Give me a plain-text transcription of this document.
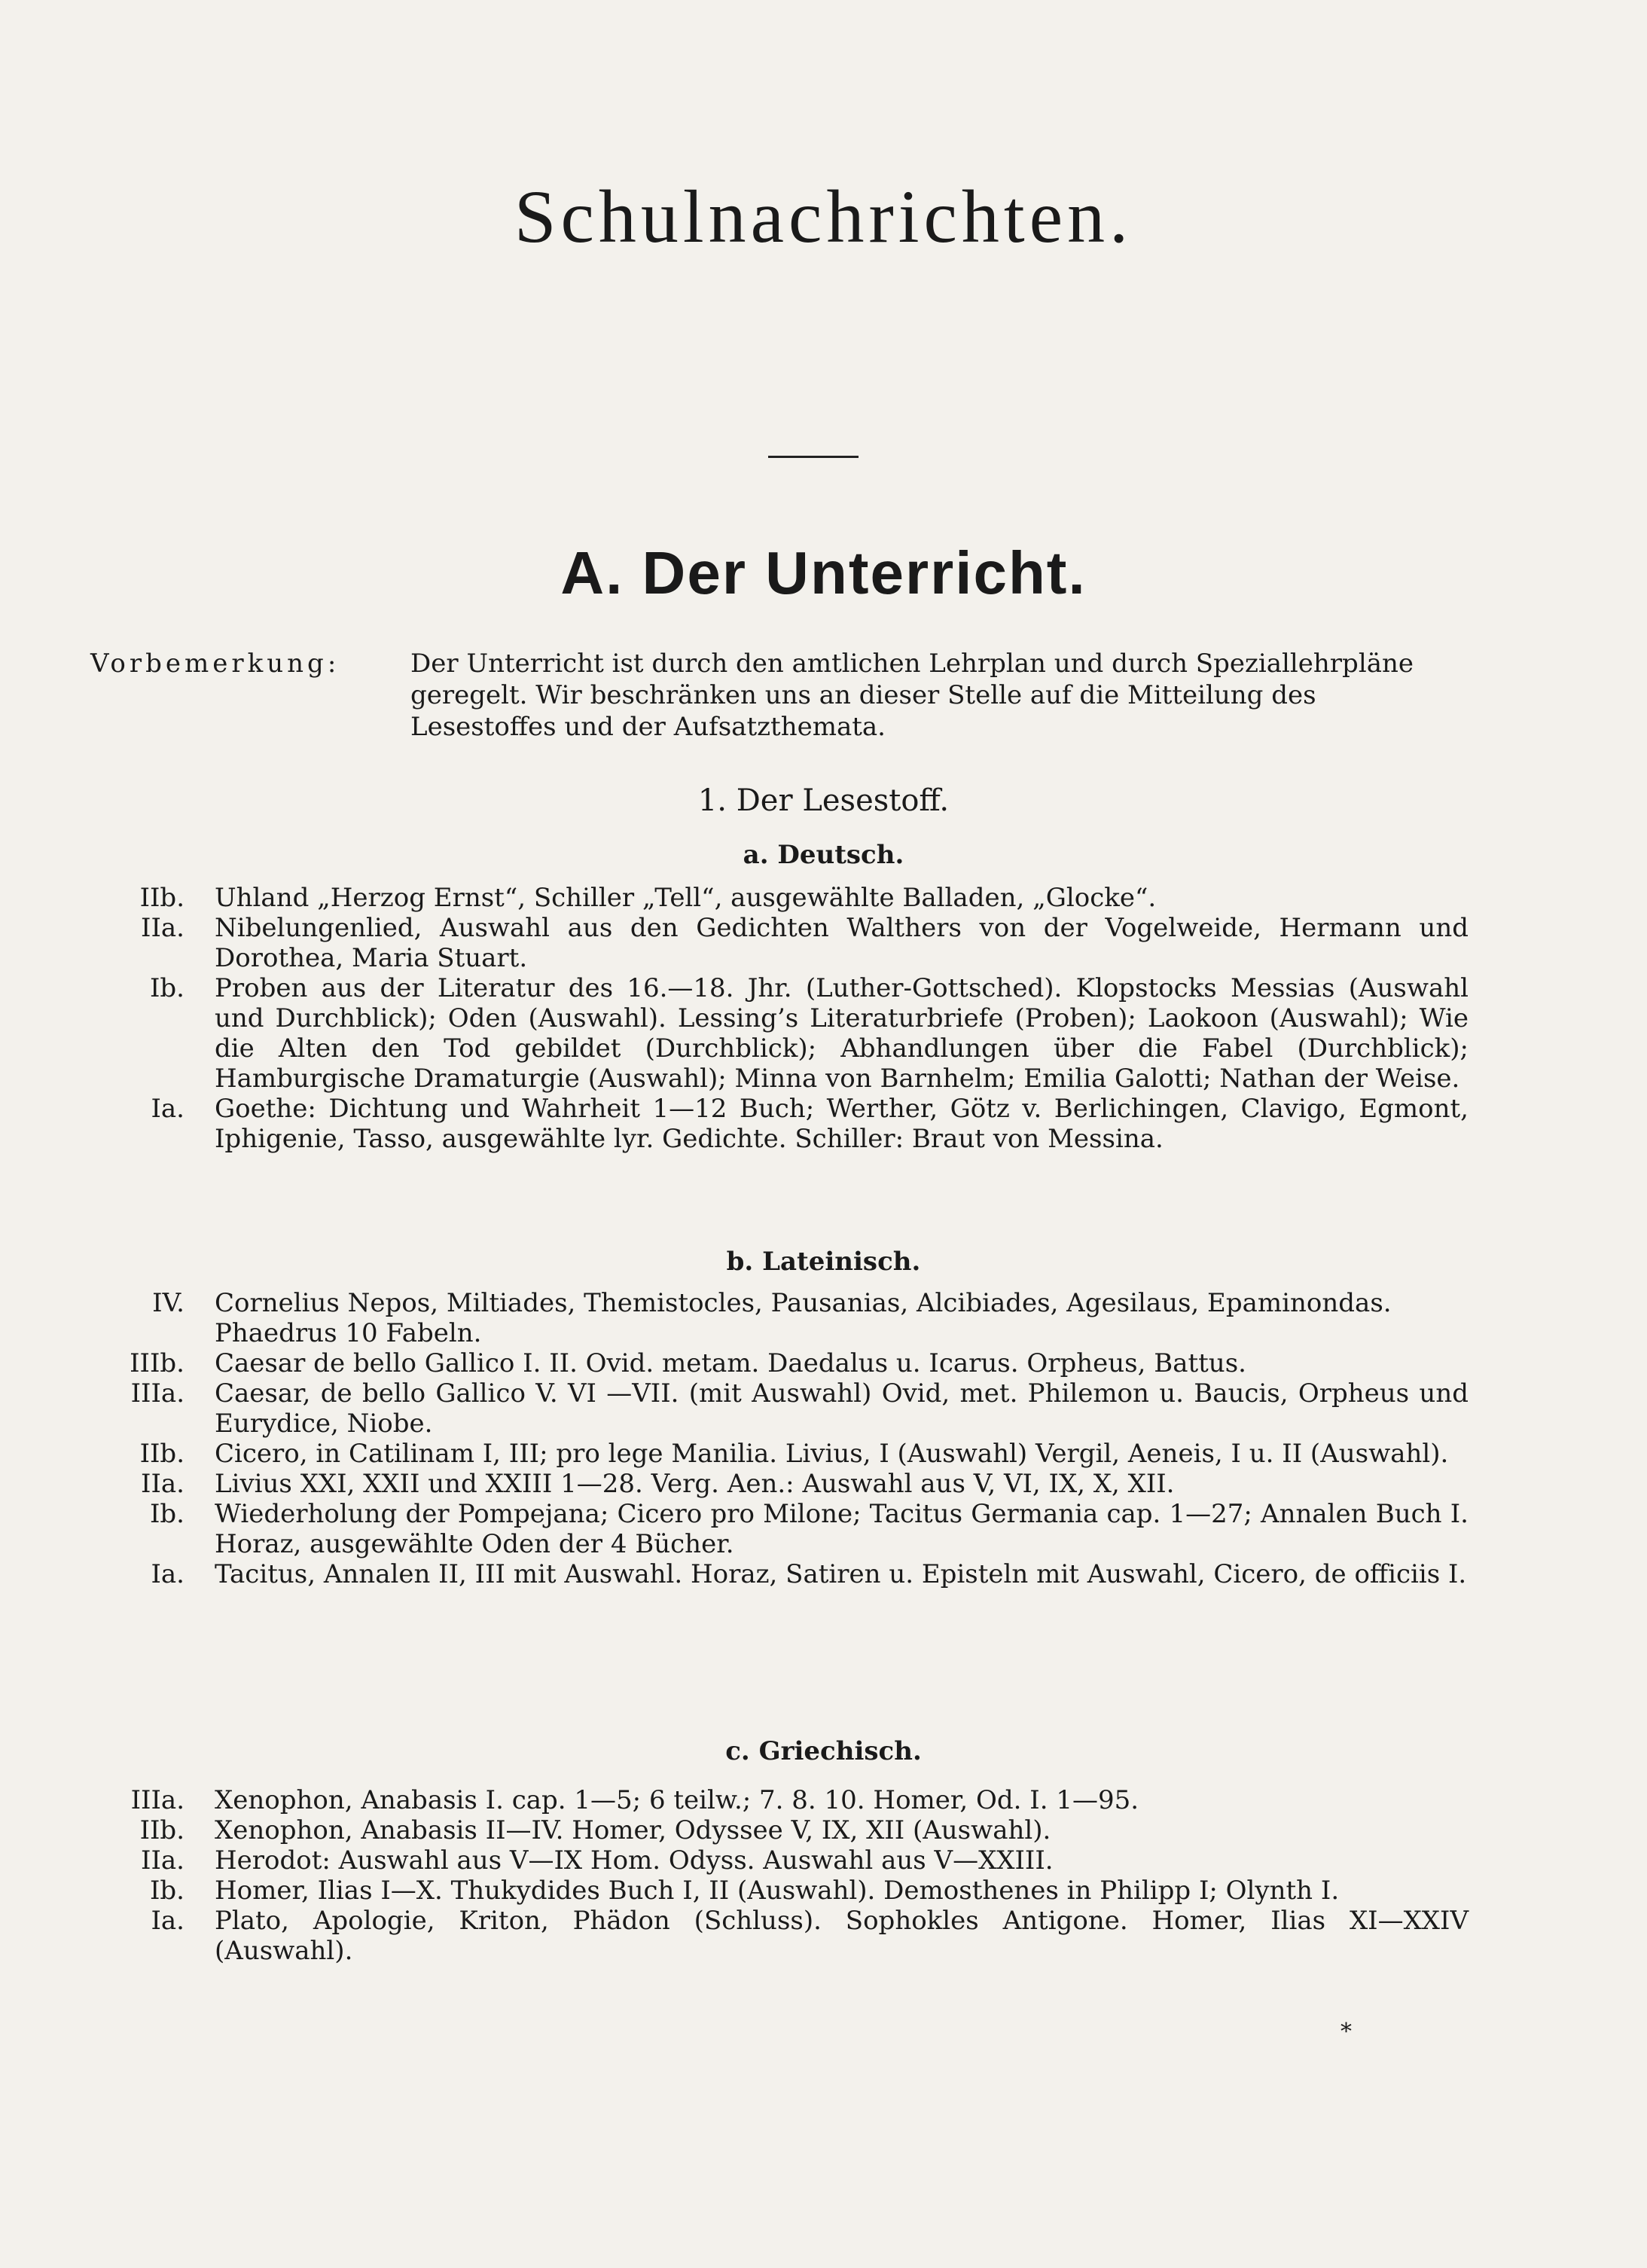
Schulnachrichten.
A. Der Unterricht.
Vorbemerkung:	Der Unterricht ist durch den amtlichen Lehrplan und durch Speziallehrpläne geregelt. Wir beschränken uns an dieser Stelle auf die Mitteilung des Lesestoffes und der Aufsatzthemata.
1. Der Lesestoff.
a. Deutsch.
IIb.	Uhland „Herzog Ernst“, Schiller „Tell“, ausgewählte Balladen, „Glocke“.
IIa.	Nibelungenlied, Auswahl aus den Gedichten Walthers von der Vogelweide, Hermann und Dorothea, Maria Stuart.
Ib.	Proben aus der Literatur des 16.—18. Jhr. (Luther-Gottsched). Klopstocks Messias (Auswahl und Durchblick); Oden (Auswahl). Lessing’s Literaturbriefe (Proben); Laokoon (Auswahl); Wie die Alten den Tod gebildet (Durchblick); Abhandlungen über die Fabel (Durchblick); Hamburgische Dramaturgie (Auswahl); Minna von Barnhelm; Emilia Galotti; Nathan der Weise.
Ia.	Goethe: Dichtung und Wahrheit 1—12 Buch; Werther, Götz v. Berlichingen, Clavigo, Egmont, Iphigenie, Tasso, ausgewählte lyr. Gedichte. Schiller: Braut von Messina.
b. Lateinisch.
IV.	Cornelius Nepos, Miltiades, Themistocles, Pausanias, Alcibiades, Agesilaus, Epaminondas.
Phaedrus 10 Fabeln.
IIIb.	Caesar de bello Gallico I. II. Ovid. metam. Daedalus u. Icarus. Orpheus, Battus.
IIIa.	Caesar, de bello Gallico V. VI —VII. (mit Auswahl) Ovid, met. Philemon u. Baucis, Orpheus und Eurydice, Niobe.
IIb.	Cicero, in Catilinam I, III; pro lege Manilia. Livius, I (Auswahl) Vergil, Aeneis, I u. II (Auswahl).
IIa.	Livius XXI, XXII und XXIII 1—28. Verg. Aen.: Auswahl aus V, VI, IX, X, XII.
Ib.	Wiederholung der Pompejana; Cicero pro Milone; Tacitus Germania cap. 1—27; Annalen Buch I. Horaz, ausgewählte Oden der 4 Bücher.
Ia.	Tacitus, Annalen II, III mit Auswahl. Horaz, Satiren u. Episteln mit Auswahl, Cicero, de officiis I.
c. Griechisch.
IIIa.	Xenophon, Anabasis I. cap. 1—5; 6 teilw.; 7. 8. 10. Homer, Od. I. 1—95.
IIb.	Xenophon, Anabasis II—IV. Homer, Odyssee V, IX, XII (Auswahl).
IIa.	Herodot: Auswahl aus V—IX Hom. Odyss. Auswahl aus V—XXIII.
Ib.	Homer, Ilias I—X. Thukydides Buch I, II (Auswahl). Demosthenes in Philipp I; Olynth I.
Ia.	Plato, Apologie, Kriton, Phädon (Schluss). Sophokles Antigone. Homer, Ilias XI—XXIV (Auswahl).
*
